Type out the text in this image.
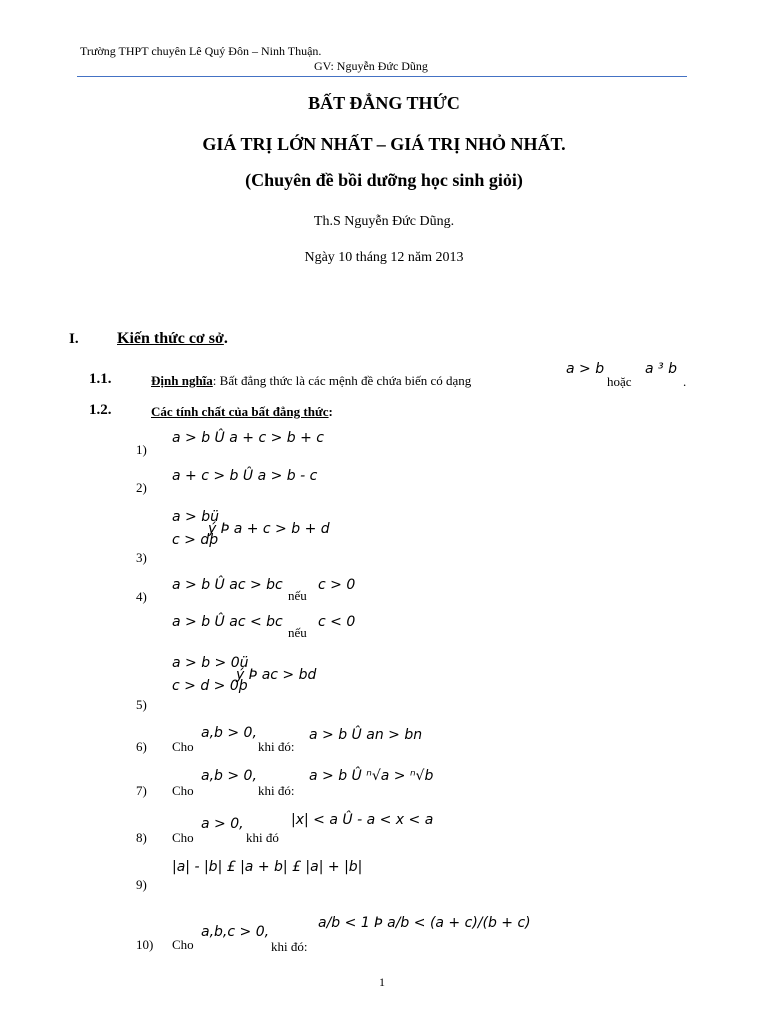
Trường THPT chuyên Lê Quý Đôn – Ninh Thuận.
GV: Nguyễn Đức Dũng
BẤT ĐẲNG THỨC
GIÁ TRỊ LỚN NHẤT – GIÁ TRỊ NHỎ NHẤT.
(Chuyên đề bồi dưỡng học sinh giỏi)
Th.S Nguyễn Đức Dũng.
Ngày 10 tháng 12 năm 2013
I. Kiến thức cơ sở.
1.1.	Định nghĩa: Bất đẳng thức là các mệnh đề chứa biến có dạng
a > b
hoặc
a ³ b
.
1.2.	Các tính chất của bất đẳng thức:
a > b Û a + c > b + c
1)
a + c > b Û a > b - c
2)
a > bü
ý Þ a + c > b + d
c > dþ
3)
a > b Û ac > bc
nếu
c > 0
4)
a > b Û ac < bc
nếu
c < 0
a > b > 0ü
ý Þ ac > bd
c > d > 0þ
5)
6) Cho
a,b > 0,
khi đó:
a > b Û an > bn
7) Cho
a,b > 0,
khi đó:
a > b Û ⁿ√a > ⁿ√b
8) Cho
a > 0,
khi đó
|x| < a Û - a < x < a
9)
|a| - |b| £ |a + b| £ |a| + |b|
10) Cho
a,b,c > 0,
khi đó:
a/b < 1 Þ a/b < (a + c)/(b + c)
1
